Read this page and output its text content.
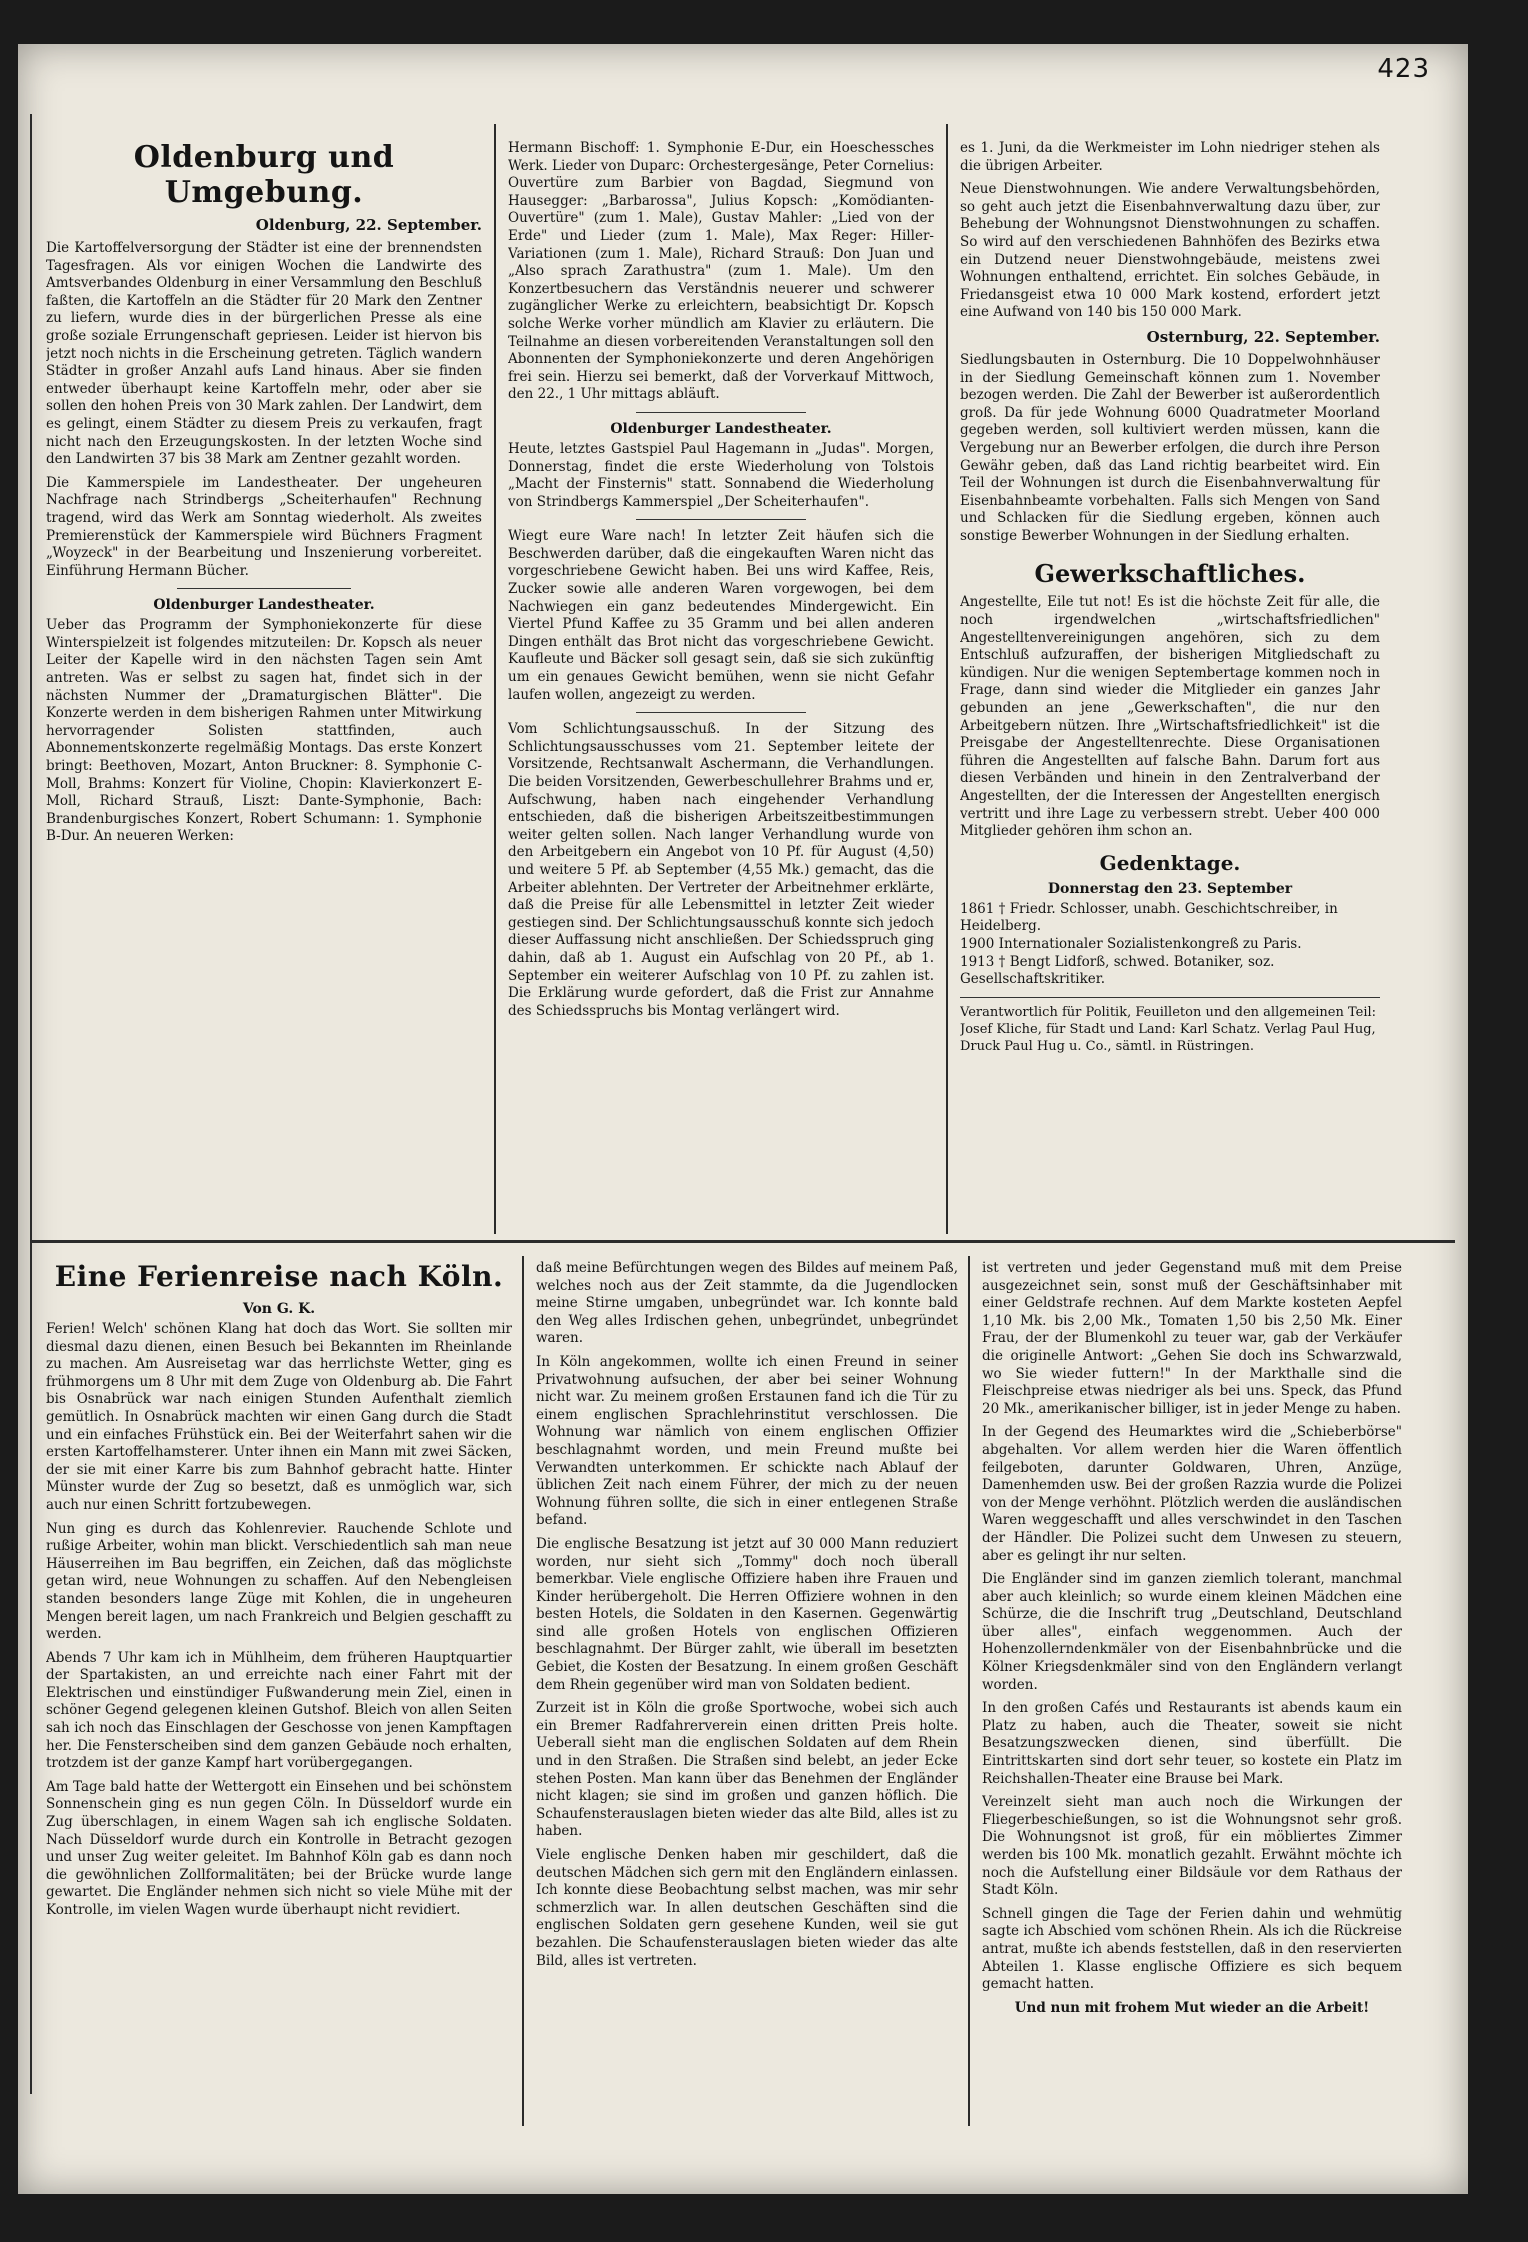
423
Oldenburg und Umgebung.
Oldenburg, 22. September.

Die Kartoffelversorgung der Städter ist eine der brennendsten Tagesfragen. Als vor einigen Wochen die Landwirte des Amtsverbandes Oldenburg in einer Versammlung den Beschluß faßten, die Kartoffeln an die Städter für 20 Mark den Zentner zu liefern, wurde dies in der bürgerlichen Presse als eine große soziale Errungenschaft gepriesen. Leider ist hiervon bis jetzt noch nichts in die Erscheinung getreten. Täglich wandern Städter in großer Anzahl aufs Land hinaus. Aber sie finden entweder überhaupt keine Kartoffeln mehr, oder aber sie sollen den hohen Preis von 30 Mark zahlen. Der Landwirt, dem es gelingt, einem Städter zu diesem Preis zu verkaufen, fragt nicht nach den Erzeugungskosten. In der letzten Woche sind den Landwirten 37 bis 38 Mark am Zentner gezahlt worden.

Die Kammerspiele im Landestheater. Der ungeheuren Nachfrage nach Strindbergs „Scheiterhaufen" Rechnung tragend, wird das Werk am Sonntag wiederholt. Als zweites Premierenstück der Kammerspiele wird Büchners Fragment „Woyzeck" in der Bearbeitung und Inszenierung vorbereitet. Einführung Hermann Bücher.

Oldenburger Landestheater.

Ueber das Programm der Symphoniekonzerte für diese Winterspielzeit ist folgendes mitzuteilen: Dr. Kopsch als neuer Leiter der Kapelle wird in den nächsten Tagen sein Amt antreten. Was er selbst zu sagen hat, findet sich in der nächsten Nummer der „Dramaturgischen Blätter". Die Konzerte werden in dem bisherigen Rahmen unter Mitwirkung hervorragender Solisten stattfinden, auch Abonnementskonzerte regelmäßig Montags. Das erste Konzert bringt: Beethoven, Mozart, Anton Bruckner: 8. Symphonie C-Moll, Brahms: Konzert für Violine, Chopin: Klavierkonzert E-Moll, Richard Strauß, Liszt: Dante-Symphonie, Bach: Brandenburgisches Konzert, Robert Schumann: 1. Symphonie B-Dur. An neueren Werken:

Hermann Bischoff: 1. Symphonie E-Dur, ein Hoeschessches Werk. Lieder von Duparc: Orchestergesänge, Peter Cornelius: Ouvertüre zum Barbier von Bagdad, Siegmund von Hausegger: „Barbarossa", Julius Kopsch: „Komödianten-Ouvertüre" (zum 1. Male), Gustav Mahler: „Lied von der Erde" und Lieder (zum 1. Male), Max Reger: Hiller-Variationen (zum 1. Male), Richard Strauß: Don Juan und „Also sprach Zarathustra" (zum 1. Male). Um den Konzertbesuchern das Verständnis neuerer und schwerer zugänglicher Werke zu erleichtern, beabsichtigt Dr. Kopsch solche Werke vorher mündlich am Klavier zu erläutern. Die Teilnahme an diesen vorbereitenden Veranstaltungen soll den Abonnenten der Symphoniekonzerte und deren Angehörigen frei sein. Hierzu sei bemerkt, daß der Vorverkauf Mittwoch, den 22., 1 Uhr mittags abläuft.

Oldenburger Landestheater.

Heute, letztes Gastspiel Paul Hagemann in „Judas". Morgen, Donnerstag, findet die erste Wiederholung von Tolstois „Macht der Finsternis" statt. Sonnabend die Wiederholung von Strindbergs Kammerspiel „Der Scheiterhaufen".

Wiegt eure Ware nach! In letzter Zeit häufen sich die Beschwerden darüber, daß die eingekauften Waren nicht das vorgeschriebene Gewicht haben. Bei uns wird Kaffee, Reis, Zucker sowie alle anderen Waren vorgewogen, bei dem Nachwiegen ein ganz bedeutendes Mindergewicht. Ein Viertel Pfund Kaffee zu 35 Gramm und bei allen anderen Dingen enthält das Brot nicht das vorgeschriebene Gewicht. Kaufleute und Bäcker soll gesagt sein, daß sie sich zukünftig um ein genaues Gewicht bemühen, wenn sie nicht Gefahr laufen wollen, angezeigt zu werden.

Vom Schlichtungsausschuß. In der Sitzung des Schlichtungsausschusses vom 21. September leitete der Vorsitzende, Rechtsanwalt Aschermann, die Verhandlungen. Die beiden Vorsitzenden, Gewerbeschullehrer Brahms und er, Aufschwung, haben nach eingehender Verhandlung entschieden, daß die bisherigen Arbeitszeitbestimmungen weiter gelten sollen. Nach langer Verhandlung wurde von den Arbeitgebern ein Angebot von 10 Pf. für August (4,50) und weitere 5 Pf. ab September (4,55 Mk.) gemacht, das die Arbeiter ablehnten. Der Vertreter der Arbeitnehmer erklärte, daß die Preise für alle Lebensmittel in letzter Zeit wieder gestiegen sind. Der Schlichtungsausschuß konnte sich jedoch dieser Auffassung nicht anschließen. Der Schiedsspruch ging dahin, daß ab 1. August ein Aufschlag von 20 Pf., ab 1. September ein weiterer Aufschlag von 10 Pf. zu zahlen ist. Die Erklärung wurde gefordert, daß die Frist zur Annahme des Schiedsspruchs bis Montag verlängert wird.

es 1. Juni, da die Werkmeister im Lohn niedriger stehen als die übrigen Arbeiter.

Neue Dienstwohnungen. Wie andere Verwaltungsbehörden, so geht auch jetzt die Eisenbahnverwaltung dazu über, zur Behebung der Wohnungsnot Dienstwohnungen zu schaffen. So wird auf den verschiedenen Bahnhöfen des Bezirks etwa ein Dutzend neuer Dienstwohngebäude, meistens zwei Wohnungen enthaltend, errichtet. Ein solches Gebäude, in Friedansgeist etwa 10 000 Mark kostend, erfordert jetzt eine Aufwand von 140 bis 150 000 Mark.

Osternburg, 22. September.

Siedlungsbauten in Osternburg. Die 10 Doppelwohnhäuser in der Siedlung Gemeinschaft können zum 1. November bezogen werden. Die Zahl der Bewerber ist außerordentlich groß. Da für jede Wohnung 6000 Quadratmeter Moorland gegeben werden, soll kultiviert werden müssen, kann die Vergebung nur an Bewerber erfolgen, die durch ihre Person Gewähr geben, daß das Land richtig bearbeitet wird. Ein Teil der Wohnungen ist durch die Eisenbahnverwaltung für Eisenbahnbeamte vorbehalten. Falls sich Mengen von Sand und Schlacken für die Siedlung ergeben, können auch sonstige Bewerber Wohnungen in der Siedlung erhalten.

Gewerkschaftliches.

Angestellte, Eile tut not! Es ist die höchste Zeit für alle, die noch irgendwelchen „wirtschaftsfriedlichen" Angestelltenvereinigungen angehören, sich zu dem Entschluß aufzuraffen, der bisherigen Mitgliedschaft zu kündigen. Nur die wenigen Septembertage kommen noch in Frage, dann sind wieder die Mitglieder ein ganzes Jahr gebunden an jene „Gewerkschaften", die nur den Arbeitgebern nützen. Ihre „Wirtschaftsfriedlichkeit" ist die Preisgabe der Angestelltenrechte. Diese Organisationen führen die Angestellten auf falsche Bahn. Darum fort aus diesen Verbänden und hinein in den Zentralverband der Angestellten, der die Interessen der Angestellten energisch vertritt und ihre Lage zu verbessern strebt. Ueber 400 000 Mitglieder gehören ihm schon an.

Gedenktage.
Donnerstag den 23. September
1861 † Friedr. Schlosser, unabh. Geschichtschreiber, in Heidelberg.
1900 Internationaler Sozialistenkongreß zu Paris.
1913 † Bengt Lidforß, schwed. Botaniker, soz. Gesellschaftskritiker.
Verantwortlich für Politik, Feuilleton und den allgemeinen Teil: Josef Kliche, für Stadt und Land: Karl Schatz. Verlag Paul Hug, Druck Paul Hug u. Co., sämtl. in Rüstringen.
Eine Ferienreise nach Köln.
Von G. K.

Ferien! Welch' schönen Klang hat doch das Wort. Sie sollten mir diesmal dazu dienen, einen Besuch bei Bekannten im Rheinlande zu machen. Am Ausreisetag war das herrlichste Wetter, ging es frühmorgens um 8 Uhr mit dem Zuge von Oldenburg ab. Die Fahrt bis Osnabrück war nach einigen Stunden Aufenthalt ziemlich gemütlich. In Osnabrück machten wir einen Gang durch die Stadt und ein einfaches Frühstück ein. Bei der Weiterfahrt sahen wir die ersten Kartoffelhamsterer. Unter ihnen ein Mann mit zwei Säcken, der sie mit einer Karre bis zum Bahnhof gebracht hatte. Hinter Münster wurde der Zug so besetzt, daß es unmöglich war, sich auch nur einen Schritt fortzubewegen.

Nun ging es durch das Kohlenrevier. Rauchende Schlote und rußige Arbeiter, wohin man blickt. Verschiedentlich sah man neue Häuserreihen im Bau begriffen, ein Zeichen, daß das möglichste getan wird, neue Wohnungen zu schaffen. Auf den Nebengleisen standen besonders lange Züge mit Kohlen, die in ungeheuren Mengen bereit lagen, um nach Frankreich und Belgien geschafft zu werden.

Abends 7 Uhr kam ich in Mühlheim, dem früheren Hauptquartier der Spartakisten, an und erreichte nach einer Fahrt mit der Elektrischen und einstündiger Fußwanderung mein Ziel, einen in schöner Gegend gelegenen kleinen Gutshof. Bleich von allen Seiten sah ich noch das Einschlagen der Geschosse von jenen Kampftagen her. Die Fensterscheiben sind dem ganzen Gebäude noch erhalten, trotzdem ist der ganze Kampf hart vorübergegangen.

Am Tage bald hatte der Wettergott ein Einsehen und bei schönstem Sonnenschein ging es nun gegen Cöln. In Düsseldorf wurde ein Zug überschlagen, in einem Wagen sah ich englische Soldaten. Nach Düsseldorf wurde durch ein Kontrolle in Betracht gezogen und unser Zug weiter geleitet. Im Bahnhof Köln gab es dann noch die gewöhnlichen Zollformalitäten; bei der Brücke wurde lange gewartet. Die Engländer nehmen sich nicht so viele Mühe mit der Kontrolle, im vielen Wagen wurde überhaupt nicht revidiert.

daß meine Befürchtungen wegen des Bildes auf meinem Paß, welches noch aus der Zeit stammte, da die Jugendlocken meine Stirne umgaben, unbegründet war. Ich konnte bald den Weg alles Irdischen gehen, unbegründet, unbegründet waren.

In Köln angekommen, wollte ich einen Freund in seiner Privatwohnung aufsuchen, der aber bei seiner Wohnung nicht war. Zu meinem großen Erstaunen fand ich die Tür zu einem englischen Sprachlehrinstitut verschlossen. Die Wohnung war nämlich von einem englischen Offizier beschlagnahmt worden, und mein Freund mußte bei Verwandten unterkommen. Er schickte nach Ablauf der üblichen Zeit nach einem Führer, der mich zu der neuen Wohnung führen sollte, die sich in einer entlegenen Straße befand.

Die englische Besatzung ist jetzt auf 30 000 Mann reduziert worden, nur sieht sich „Tommy" doch noch überall bemerkbar. Viele englische Offiziere haben ihre Frauen und Kinder herübergeholt. Die Herren Offiziere wohnen in den besten Hotels, die Soldaten in den Kasernen. Gegenwärtig sind alle großen Hotels von englischen Offizieren beschlagnahmt. Der Bürger zahlt, wie überall im besetzten Gebiet, die Kosten der Besatzung. In einem großen Geschäft dem Rhein gegenüber wird man von Soldaten bedient.

Zurzeit ist in Köln die große Sportwoche, wobei sich auch ein Bremer Radfahrerverein einen dritten Preis holte. Ueberall sieht man die englischen Soldaten auf dem Rhein und in den Straßen. Die Straßen sind belebt, an jeder Ecke stehen Posten. Man kann über das Benehmen der Engländer nicht klagen; sie sind im großen und ganzen höflich. Die Schaufensterauslagen bieten wieder das alte Bild, alles ist zu haben.

Viele englische Denken haben mir geschildert, daß die deutschen Mädchen sich gern mit den Engländern einlassen. Ich konnte diese Beobachtung selbst machen, was mir sehr schmerzlich war. In allen deutschen Geschäften sind die englischen Soldaten gern gesehene Kunden, weil sie gut bezahlen. Die Schaufensterauslagen bieten wieder das alte Bild, alles ist vertreten.

ist vertreten und jeder Gegenstand muß mit dem Preise ausgezeichnet sein, sonst muß der Geschäftsinhaber mit einer Geldstrafe rechnen. Auf dem Markte kosteten Aepfel 1,10 Mk. bis 2,00 Mk., Tomaten 1,50 bis 2,50 Mk. Einer Frau, der der Blumenkohl zu teuer war, gab der Verkäufer die originelle Antwort: „Gehen Sie doch ins Schwarzwald, wo Sie wieder futtern!" In der Markthalle sind die Fleischpreise etwas niedriger als bei uns. Speck, das Pfund 20 Mk., amerikanischer billiger, ist in jeder Menge zu haben.

In der Gegend des Heumarktes wird die „Schieberbörse" abgehalten. Vor allem werden hier die Waren öffentlich feilgeboten, darunter Goldwaren, Uhren, Anzüge, Damenhemden usw. Bei der großen Razzia wurde die Polizei von der Menge verhöhnt. Plötzlich werden die ausländischen Waren weggeschafft und alles verschwindet in den Taschen der Händler. Die Polizei sucht dem Unwesen zu steuern, aber es gelingt ihr nur selten.

Die Engländer sind im ganzen ziemlich tolerant, manchmal aber auch kleinlich; so wurde einem kleinen Mädchen eine Schürze, die die Inschrift trug „Deutschland, Deutschland über alles", einfach weggenommen. Auch der Hohenzollerndenkmäler von der Eisenbahnbrücke und die Kölner Kriegsdenkmäler sind von den Engländern verlangt worden.

In den großen Cafés und Restaurants ist abends kaum ein Platz zu haben, auch die Theater, soweit sie nicht Besatzungszwecken dienen, sind überfüllt. Die Eintrittskarten sind dort sehr teuer, so kostete ein Platz im Reichshallen-Theater eine Brause bei Mark.

Vereinzelt sieht man auch noch die Wirkungen der Fliegerbeschießungen, so ist die Wohnungsnot sehr groß. Die Wohnungsnot ist groß, für ein möbliertes Zimmer werden bis 100 Mk. monatlich gezahlt. Erwähnt möchte ich noch die Aufstellung einer Bildsäule vor dem Rathaus der Stadt Köln.

Schnell gingen die Tage der Ferien dahin und wehmütig sagte ich Abschied vom schönen Rhein. Als ich die Rückreise antrat, mußte ich abends feststellen, daß in den reservierten Abteilen 1. Klasse englische Offiziere es sich bequem gemacht hatten.

Und nun mit frohem Mut wieder an die Arbeit!
